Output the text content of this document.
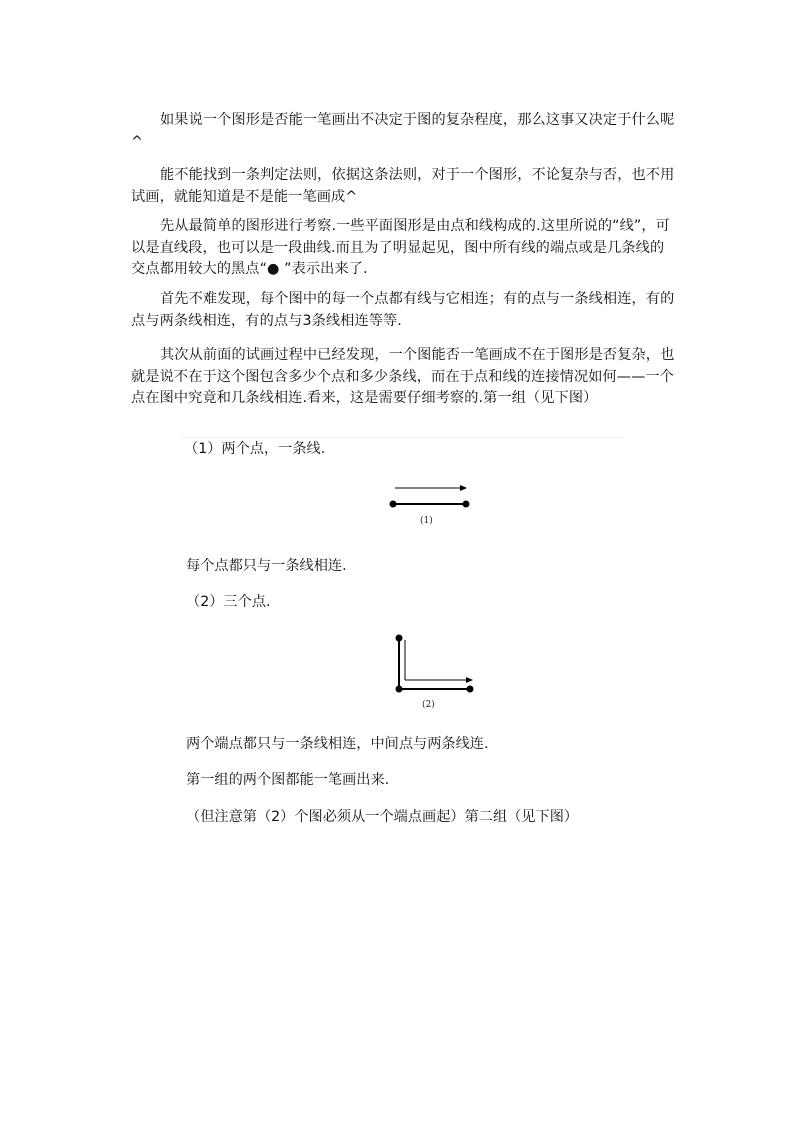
如果说一个图形是否能一笔画出不决定于图的复杂程度，那么这事又决定于什么呢^

能不能找到一条判定法则，依据这条法则，对于一个图形，不论复杂与否，也不用试画，就能知道是不是能一笔画成^

先从最简单的图形进行考察.一些平面图形是由点和线构成的.这里所说的“线”，可以是直线段，也可以是一段曲线.而且为了明显起见，图中所有线的端点或是几条线的交点都用较大的黑点“● ”表示出来了.

首先不难发现，每个图中的每一个点都有线与它相连；有的点与一条线相连，有的点与两条线相连，有的点与3条线相连等等.

其次从前面的试画过程中已经发现，一个图能否一笔画成不在于图形是否复杂，也就是说不在于这个图包含多少个点和多少条线，而在于点和线的连接情况如何——一个点在图中究竟和几条线相连.看来，这是需要仔细考察的.第一组（见下图）

（1）两个点，一条线.

(1)

每个点都只与一条线相连.

（2）三个点.

(2)

两个端点都只与一条线相连，中间点与两条线连.

第一组的两个图都能一笔画出来.

（但注意第（2）个图必须从一个端点画起）第二组（见下图）
